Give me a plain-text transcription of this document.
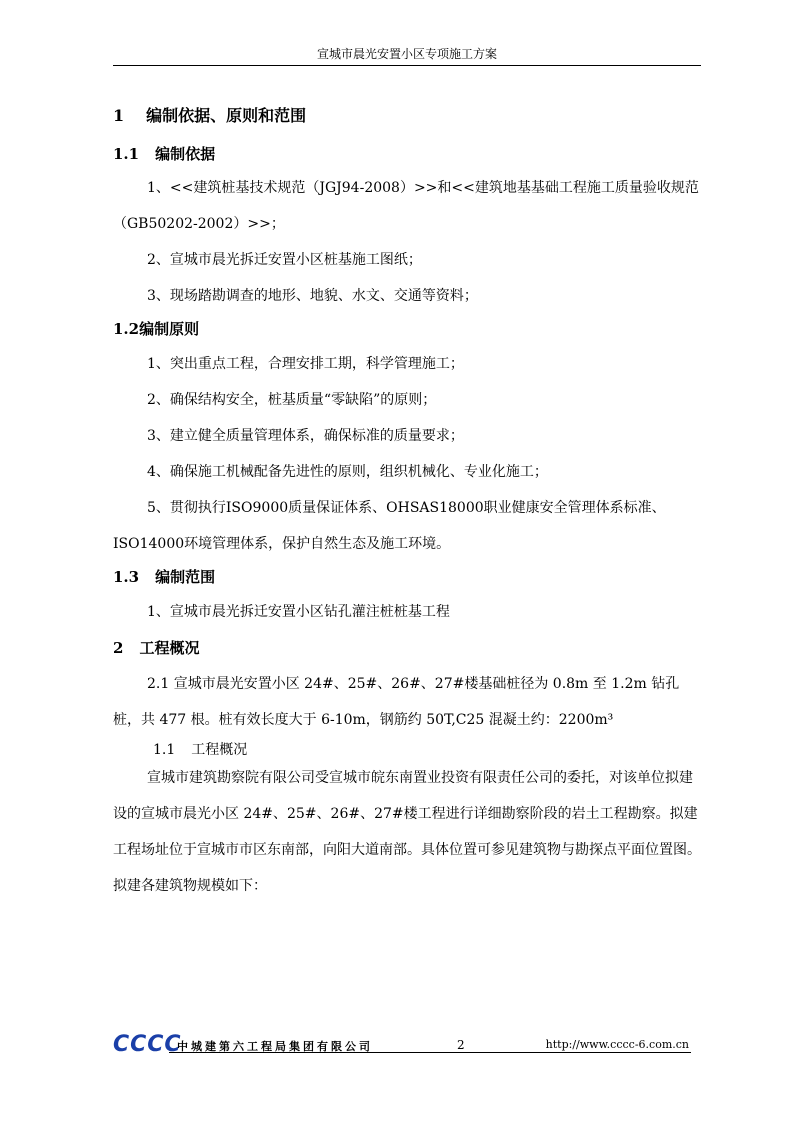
宣城市晨光安置小区专项施工方案
1 编制依据、原则和范围
1.1 编制依据
1、<<建筑桩基技术规范（JGJ94-2008）>>和<<建筑地基基础工程施工质量验收规范（GB50202-2002）>>；
2、宣城市晨光拆迁安置小区桩基施工图纸；
3、现场踏勘调查的地形、地貌、水文、交通等资料；
1.2编制原则
1、突出重点工程，合理安排工期，科学管理施工；
2、确保结构安全，桩基质量“零缺陷”的原则；
3、建立健全质量管理体系，确保标准的质量要求；
4、确保施工机械配备先进性的原则，组织机械化、专业化施工；
5、贯彻执行ISO9000质量保证体系、OHSAS18000职业健康安全管理体系标准、ISO14000环境管理体系，保护自然生态及施工环境。
1.3 编制范围
1、宣城市晨光拆迁安置小区钻孔灌注桩桩基工程
2 工程概况
2.1 宣城市晨光安置小区 24#、25#、26#、27#楼基础桩径为 0.8m 至 1.2m 钻孔桩，共 477 根。桩有效长度大于 6-10m，钢筋约 50T,C25 混凝土约：2200m³
1.1 工程概况
宣城市建筑勘察院有限公司受宣城市皖东南置业投资有限责任公司的委托，对该单位拟建设的宣城市晨光小区 24#、25#、26#、27#楼工程进行详细勘察阶段的岩土工程勘察。拟建工程场址位于宣城市市区东南部，向阳大道南部。具体位置可参见建筑物与勘探点平面位置图。拟建各建筑物规模如下：
CCCC
中城建第六工程局集团有限公司	2	http://www.cccc-6.com.cn
